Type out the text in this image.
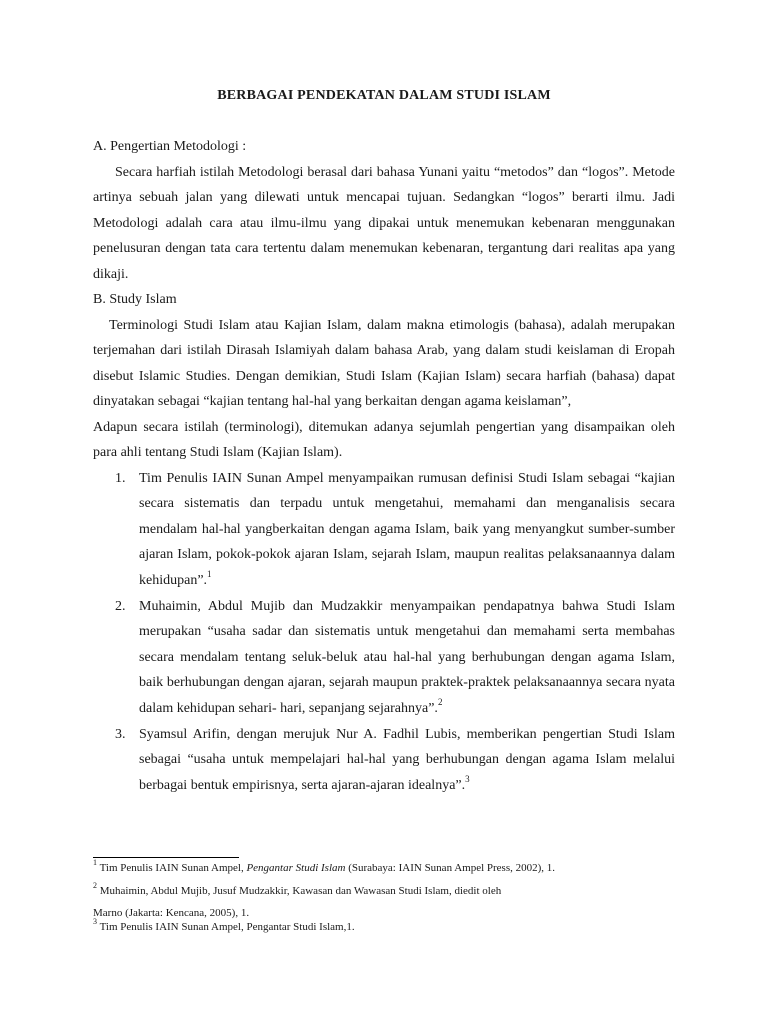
BERBAGAI PENDEKATAN DALAM STUDI ISLAM

A. Pengertian Metodologi :

Secara harfiah istilah Metodologi berasal dari bahasa Yunani yaitu “metodos” dan “logos”. Metode artinya sebuah jalan yang dilewati untuk mencapai tujuan. Sedangkan “logos” berarti ilmu. Jadi Metodologi adalah cara atau ilmu-ilmu yang dipakai untuk menemukan kebenaran menggunakan penelusuran dengan tata cara tertentu dalam menemukan kebenaran, tergantung dari realitas apa yang dikaji.

B. Study Islam

Terminologi Studi Islam atau Kajian Islam, dalam makna etimologis (bahasa), adalah merupakan terjemahan dari istilah Dirasah Islamiyah dalam bahasa Arab, yang dalam studi keislaman di Eropah disebut Islamic Studies. Dengan demikian, Studi Islam (Kajian Islam) secara harfiah (bahasa) dapat dinyatakan sebagai “kajian tentang hal-hal yang berkaitan dengan agama keislaman”,

Adapun secara istilah (terminologi), ditemukan adanya sejumlah pengertian yang disampaikan oleh para ahli tentang Studi Islam (Kajian Islam).

1. Tim Penulis IAIN Sunan Ampel menyampaikan rumusan definisi Studi Islam sebagai “kajian secara sistematis dan terpadu untuk mengetahui, memahami dan menganalisis secara mendalam hal-hal yangberkaitan dengan agama Islam, baik yang menyangkut sumber-sumber ajaran Islam, pokok-pokok ajaran Islam, sejarah Islam, maupun realitas pelaksanaannya dalam kehidupan”.$^1$
2. Muhaimin, Abdul Mujib dan Mudzakkir menyampaikan pendapatnya bahwa Studi Islam merupakan “usaha sadar dan sistematis untuk mengetahui dan memahami serta membahas secara mendalam tentang seluk-beluk atau hal-hal yang berhubungan dengan agama Islam, baik berhubungan dengan ajaran, sejarah maupun praktek-praktek pelaksanaannya secara nyata dalam kehidupan sehari- hari, sepanjang sejarahnya”.$^2$
3. Syamsul Arifin, dengan merujuk Nur A. Fadhil Lubis, memberikan pengertian Studi Islam sebagai “usaha untuk mempelajari hal-hal yang berhubungan dengan agama Islam melalui berbagai bentuk empirisnya, serta ajaran-ajaran idealnya”.$^3$
$^1$ Tim Penulis IAIN Sunan Ampel, Pengantar Studi Islam (Surabaya: IAIN Sunan Ampel Press, 2002), 1.
$^2$ Muhaimin, Abdul Mujib, Jusuf Mudzakkir, Kawasan dan Wawasan Studi Islam, diedit oleh
Marno (Jakarta: Kencana, 2005), 1.
$^3$ Tim Penulis IAIN Sunan Ampel, Pengantar Studi Islam,1.
